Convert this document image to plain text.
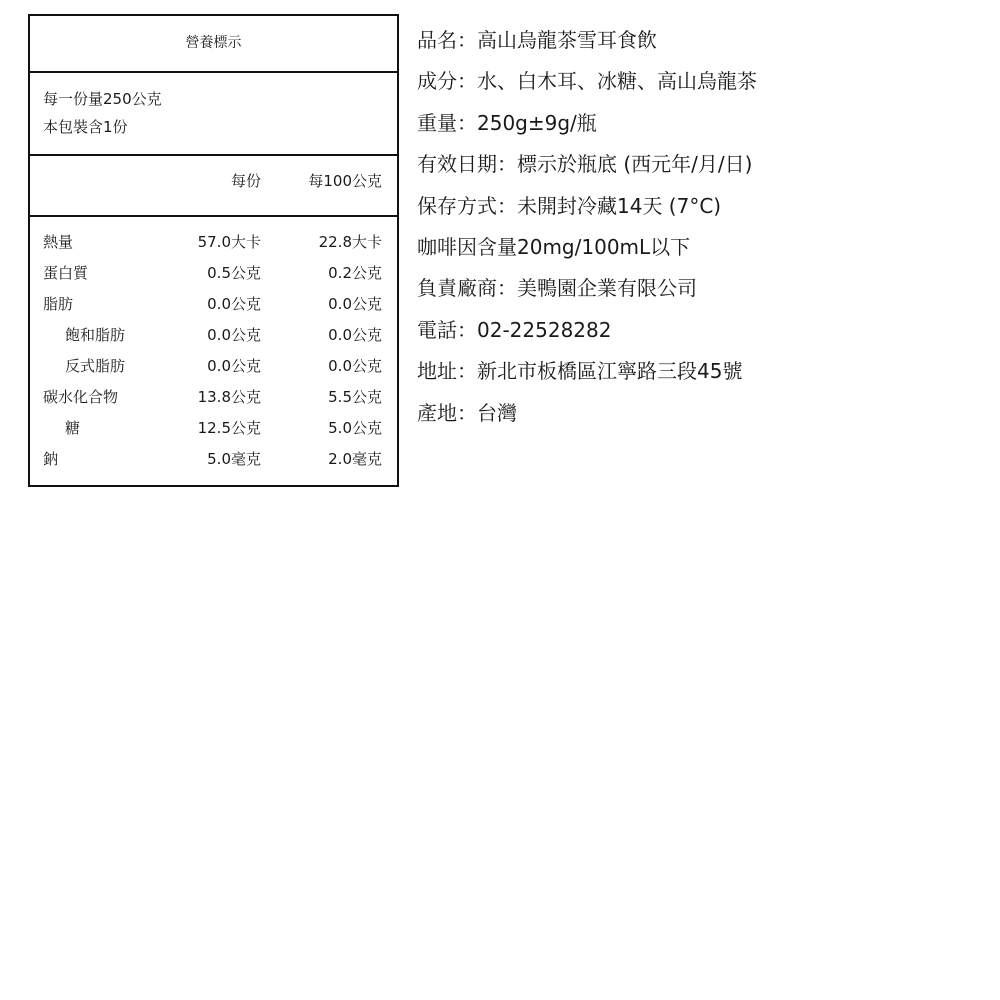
營養標示
每一份量250公克
本包裝含1份
每份	每100公克
熱量	57.0大卡	22.8大卡
蛋白質	0.5公克	0.2公克
脂肪	0.0公克	0.0公克
飽和脂肪	0.0公克	0.0公克
反式脂肪	0.0公克	0.0公克
碳水化合物	13.8公克	5.5公克
糖	12.5公克	5.0公克
鈉	5.0毫克	2.0毫克
品名：高山烏龍茶雪耳食飲
成分：水、白木耳、冰糖、高山烏龍茶
重量：250g±9g/瓶
有效日期：標示於瓶底 (西元年/月/日)
保存方式：未開封冷藏14天 (7°C)
咖啡因含量20mg/100mL以下
負責廠商：美鴨園企業有限公司
電話：02-22528282
地址：新北市板橋區江寧路三段45號
產地：台灣
